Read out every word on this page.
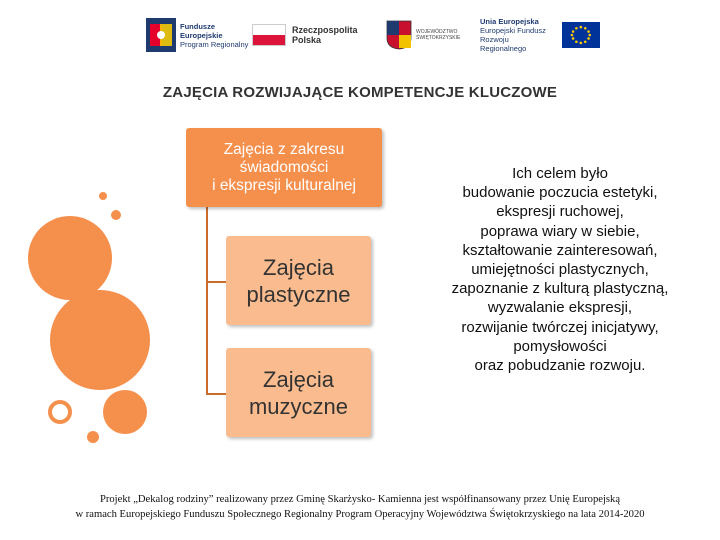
Fundusze
Europejskie
Program Regionalny
Rzeczpospolita
Polska
WOJEWÓDZTWO
ŚWIĘTOKRZYSKIE
Unia Europejska
Europejski Fundusz
Rozwoju Regionalnego
ZAJĘCIA ROZWIJAJĄCE KOMPETENCJE KLUCZOWE
Zajęcia z zakresu
świadomości
i ekspresji kulturalnej
Zajęcia
plastyczne
Zajęcia
muzyczne
Ich celem było
budowanie poczucia estetyki,
ekspresji ruchowej,
poprawa wiary w siebie,
kształtowanie zainteresowań,
umiejętności plastycznych,
zapoznanie z kulturą plastyczną,
wyzwalanie ekspresji,
rozwijanie twórczej inicjatywy,
pomysłowości
oraz pobudzanie rozwoju.
Projekt „Dekalog rodziny” realizowany przez Gminę Skarżysko- Kamienna jest współfinansowany przez Unię Europejską
w ramach Europejskiego Funduszu Społecznego Regionalny Program Operacyjny Województwa Świętokrzyskiego na lata 2014-2020
